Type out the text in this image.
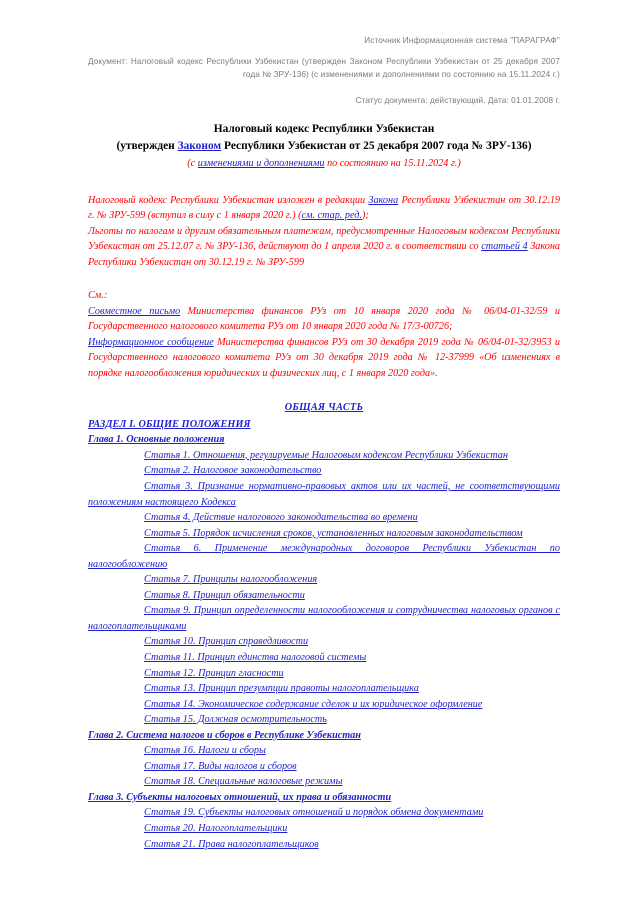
Источник Информационная система "ПАРАГРАФ"
Документ: Налоговый кодекс Республики Узбекистан (утвержден Законом Республики Узбекистан от 25 декабря 2007 года № ЗРУ-136) (с изменениями и дополнениями по состоянию на 15.11.2024 г.)
Статус документа: действующий. Дата: 01.01.2008 г.
Налоговый кодекс Республики Узбекистан
(утвержден Законом Республики Узбекистан от 25 декабря 2007 года № ЗРУ-136)
(с изменениями и дополнениями по состоянию на 15.11.2024 г.)

Налоговый кодекс Республики Узбекистан изложен в редакции Закона Республики Узбекистан от 30.12.19 г. № ЗРУ-599 (вступил в силу с 1 января 2020 г.) (см. стар. ред.);

Льготы по налогам и другим обязательным платежам, предусмотренные Налоговым кодексом Республики Узбекистан от 25.12.07 г. № ЗРУ-136, действуют до 1 апреля 2020 г. в соответствии со статьей 4 Закона Республики Узбекистан от 30.12.19 г. № ЗРУ-599

См.:

Совместное письмо Министерства финансов РУз от 10 января 2020 года № 06/04-01-32/59 и Государственного налогового комитета РУз от 10 января 2020 года № 17/3-00726;

Информационное сообщение Министерства финансов РУз от 30 декабря 2019 года № 06/04-01-32/3953 и Государственного налогового комитета РУз от 30 декабря 2019 года № 12-37999 «Об изменениях в порядке налогообложения юридических и физических лиц, с 1 января 2020 года».

ОБЩАЯ ЧАСТЬ
РАЗДЕЛ I. ОБЩИЕ ПОЛОЖЕНИЯ
Глава 1. Основные положения
Статья 1. Отношения, регулируемые Налоговым кодексом Республики Узбекистан
Статья 2. Налоговое законодательство
Статья 3. Признание нормативно-правовых актов или их частей, не соответствующими положениям настоящего Кодекса
Статья 4. Действие налогового законодательства во времени
Статья 5. Порядок исчисления сроков, установленных налоговым законодательством
Статья 6. Применение международных договоров Республики Узбекистан по налогообложению
Статья 7. Принципы налогообложения
Статья 8. Принцип обязательности
Статья 9. Принцип определенности налогообложения и сотрудничества налоговых органов с налогоплательщиками
Статья 10. Принцип справедливости
Статья 11. Принцип единства налоговой системы
Статья 12. Принцип гласности
Статья 13. Принцип презумпции правоты налогоплательщика
Статья 14. Экономическое содержание сделок и их юридическое оформление
Статья 15. Должная осмотрительность
Глава 2. Система налогов и сборов в Республике Узбекистан
Статья 16. Налоги и сборы
Статья 17. Виды налогов и сборов
Статья 18. Специальные налоговые режимы
Глава 3. Субъекты налоговых отношений, их права и обязанности
Статья 19. Субъекты налоговых отношений и порядок обмена документами
Статья 20. Налогоплательщики
Статья 21. Права налогоплательщиков
